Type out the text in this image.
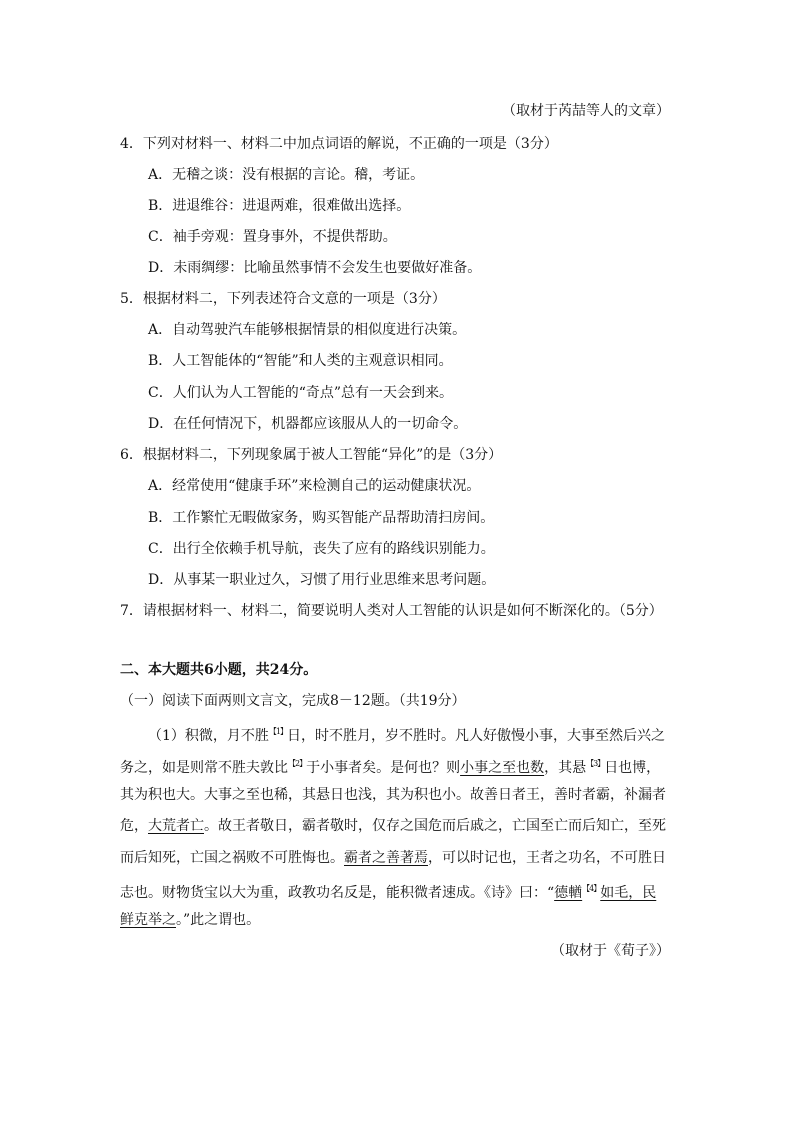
（取材于芮喆等人的文章）
4．下列对材料一、材料二中加点词语的解说，不正确的一项是（3分）
A．无稽之谈：没有根据的言论。稽，考证。
B．进退维谷：进退两难，很难做出选择。
C．袖手旁观：置身事外，不提供帮助。
D．未雨绸缪：比喻虽然事情不会发生也要做好准备。
5．根据材料二，下列表述符合文意的一项是（3分）
A．自动驾驶汽车能够根据情景的相似度进行决策。
B．人工智能体的“智能”和人类的主观意识相同。
C．人们认为人工智能的“奇点”总有一天会到来。
D．在任何情况下，机器都应该服从人的一切命令。
6．根据材料二，下列现象属于被人工智能“异化”的是（3分）
A．经常使用“健康手环”来检测自己的运动健康状况。
B．工作繁忙无暇做家务，购买智能产品帮助清扫房间。
C．出行全依赖手机导航，丧失了应有的路线识别能力。
D．从事某一职业过久，习惯了用行业思维来思考问题。
7．请根据材料一、材料二，简要说明人类对人工智能的认识是如何不断深化的。（5分）
二、本大题共6小题，共24分。
（一）阅读下面两则文言文，完成8－12题。（共19分）
（1）积微，月不胜$^{【1】}$日，时不胜月，岁不胜时。凡人好傲慢小事，大事至然后兴之
务之，如是则常不胜夫敦比$^{【2】}$于小事者矣。是何也？则小事之至也数，其悬$^{【3】}$日也博，
其为积也大。大事之至也稀，其悬日也浅，其为积也小。故善日者王，善时者霸，补漏者
危，大荒者亡。故王者敬日，霸者敬时，仅存之国危而后戚之，亡国至亡而后知亡，至死
而后知死，亡国之祸败不可胜悔也。霸者之善著焉，可以时记也，王者之功名，不可胜日
志也。财物货宝以大为重，政教功名反是，能积微者速成。《诗》曰：“德輶$^{【4】}$如毛，民
鲜克举之。”此之谓也。
（取材于《荀子》）
